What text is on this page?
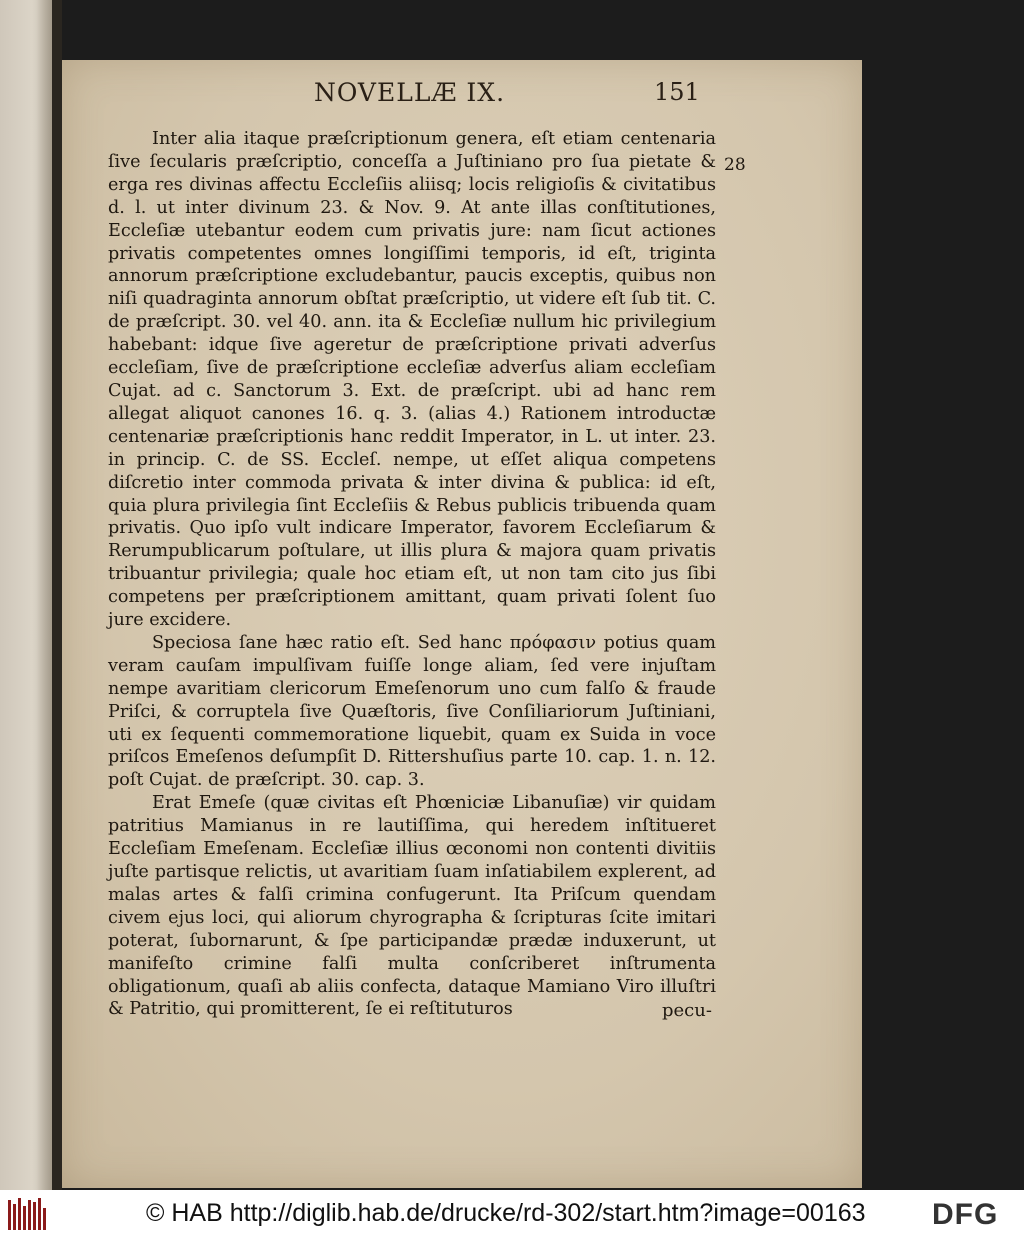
NOVELLÆ IX.	151
28

Inter alia itaque præſcriptionum genera, eſt etiam centenaria ſive ſecularis præſcriptio, conceſſa a Juſtiniano pro ſua pietate & erga res divinas affectu Eccleſiis aliisq; locis religioſis & civitatibus d. l. ut inter divinum 23. & Nov. 9. At ante illas conſtitutiones, Eccleſiæ utebantur eodem cum privatis jure: nam ſicut actiones privatis competentes omnes longiſſimi temporis, id eſt, triginta annorum præſcriptione excludebantur, paucis exceptis, quibus non niſi quadraginta annorum obſtat præſcriptio, ut videre eſt ſub tit. C. de præſcript. 30. vel 40. ann. ita & Eccleſiæ nullum hic privilegium habebant: idque ſive ageretur de præſcriptione privati adverſus eccleſiam, ſive de præſcriptione eccleſiæ adverſus aliam eccleſiam Cujat. ad c. Sanctorum 3. Ext. de præſcript. ubi ad hanc rem allegat aliquot canones 16. q. 3. (alias 4.) Rationem introductæ centenariæ præſcriptionis hanc reddit Imperator, in L. ut inter. 23. in princip. C. de SS. Eccleſ. nempe, ut eſſet aliqua competens diſcretio inter commoda privata & inter divina & publica: id eſt, quia plura privilegia ſint Eccleſiis & Rebus publicis tribuenda quam privatis. Quo ipſo vult indicare Imperator, favorem Eccleſiarum & Rerumpublicarum poſtulare, ut illis plura & majora quam privatis tribuantur privilegia; quale hoc etiam eſt, ut non tam cito jus ſibi competens per præſcriptionem amittant, quam privati ſolent ſuo jure excidere.

Speciosa ſane hæc ratio eſt. Sed hanc πρόφασιν potius quam veram cauſam impulſivam fuiſſe longe aliam, ſed vere injuſtam nempe avaritiam clericorum Emeſenorum uno cum falſo & fraude Priſci, & corruptela ſive Quæſtoris, ſive Conſiliariorum Juſtiniani, uti ex ſequenti commemoratione liquebit, quam ex Suida in voce priſcos Emeſenos deſumpſit D. Rittershuſius parte 10. cap. 1. n. 12. poſt Cujat. de præſcript. 30. cap. 3.

Erat Emeſe (quæ civitas eſt Phœniciæ Libanuſiæ) vir quidam patritius Mamianus in re lautiſſima, qui heredem inſtitueret Eccleſiam Emeſenam. Eccleſiæ illius œconomi non contenti divitiis juſte partisque relictis, ut avaritiam ſuam inſatiabilem explerent, ad malas artes & falſi crimina confugerunt. Ita Priſcum quendam civem ejus loci, qui aliorum chyrographa & ſcripturas ſcite imitari poterat, ſubornarunt, & ſpe participandæ prædæ induxerunt, ut manifeſto crimine falſi multa conſcriberet inſtrumenta obligationum, quaſi ab aliis confecta, dataque Mamiano Viro illuſtri & Patritio, qui promitterent, ſe ei reſtituturos	pecu-
© HAB http://diglib.hab.de/drucke/rd-302/start.htm?image=00163 DFG
